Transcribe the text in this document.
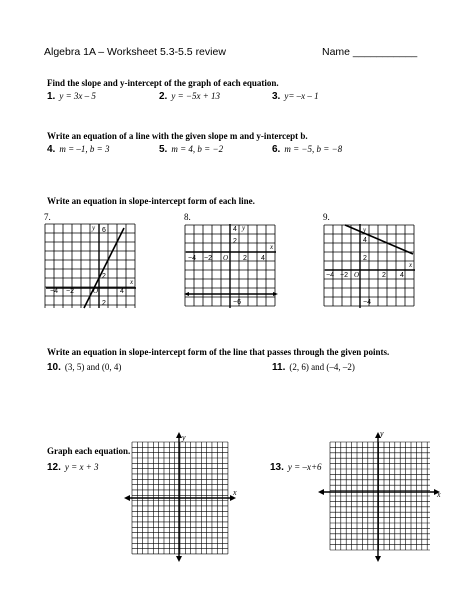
Algebra 1A – Worksheet 5.3-5.5 review	Name ___________
Find the slope and y-intercept of the graph of each equation.
1. y = 3x – 5	2. y = −5x + 13	3. y= –x – 1
Write an equation of a line with the given slope m and y-intercept b.
4. m = –1, b = 3	5. m = 4, b = −2	6. m = −5, b = −8
Write an equation in slope-intercept form of each line.
7.	8.	9.
6
y
2
−4 −2	O	4
x
2
4 y
2
−4 −2 O 2 4
x
−6
y
4
2
−4 −2 O	2 4
x
−4
Write an equation in slope-intercept form of the line that passes through the given points.
10. (3, 5) and (0, 4)	11. (2, 6) and (–4, –2)
Graph each equation.
12. y = x + 3	13. y = –x+6
y
x
y
x
